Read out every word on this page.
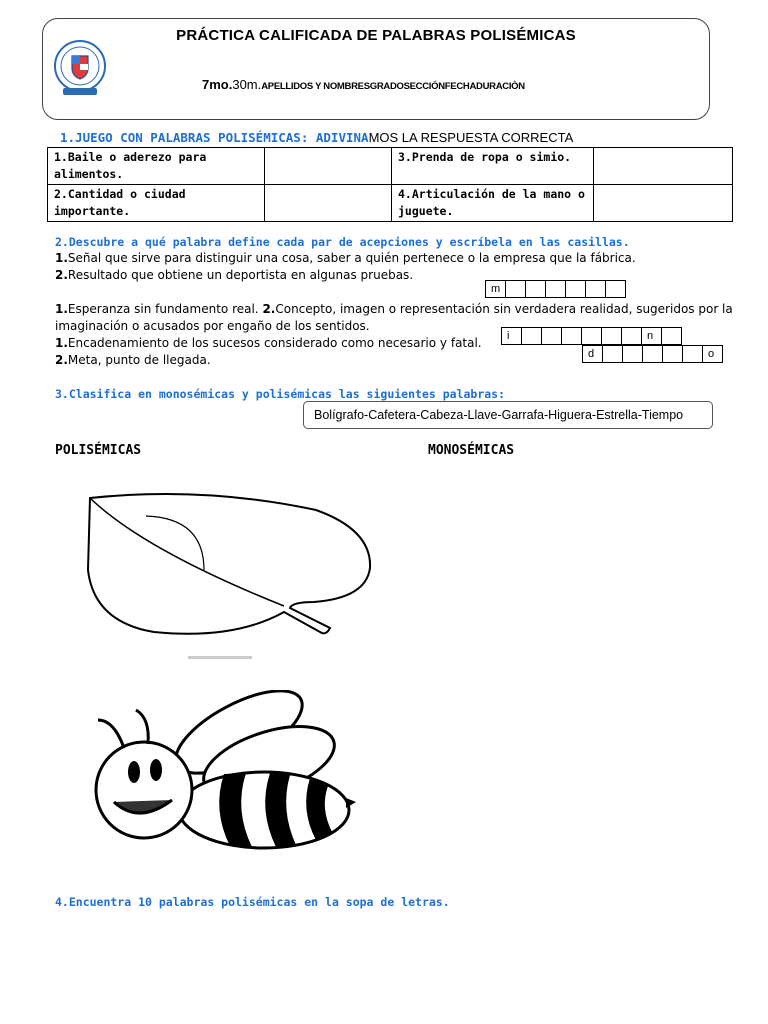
PRÁCTICA CALIFICADA DE PALABRAS POLISÉMICAS
7mo.30m.APELLIDOS Y NOMBRESGRADOSECCIÓNFECHADURACIÒN
1.JUEGO CON PALABRAS POLISÉMICAS: ADIVINAMOS LA RESPUESTA CORRECTA
1.Baile o aderezo para alimentos.		3.Prenda de ropa o simio.	
2.Cantidad o ciudad importante.		4.Articulación de la mano o juguete.	
2.Descubre a qué palabra define cada par de acepciones y escríbela en las casillas.
1.Señal que sirve para distinguir una cosa, saber a quién pertenece o la empresa que la fábrica.
2.Resultado que obtiene un deportista en algunas pruebas.
m
1.Esperanza sin fundamento real. 2.Concepto, imagen o representación sin verdadera realidad, sugeridos por la
imaginación o acusados por engaño de los sentidos.
i	n
1.Encadenamiento de los sucesos considerado como necesario y fatal.
2.Meta, punto de llegada.	d	o
3.Clasifica en monosémicas y polisémicas las siguientes palabras:
Bolígrafo-Cafetera-Cabeza-Llave-Garrafa-Higuera-Estrella-Tiempo
POLISÉMICAS	MONOSÉMICAS
4.Encuentra 10 palabras polisémicas en la sopa de letras.
